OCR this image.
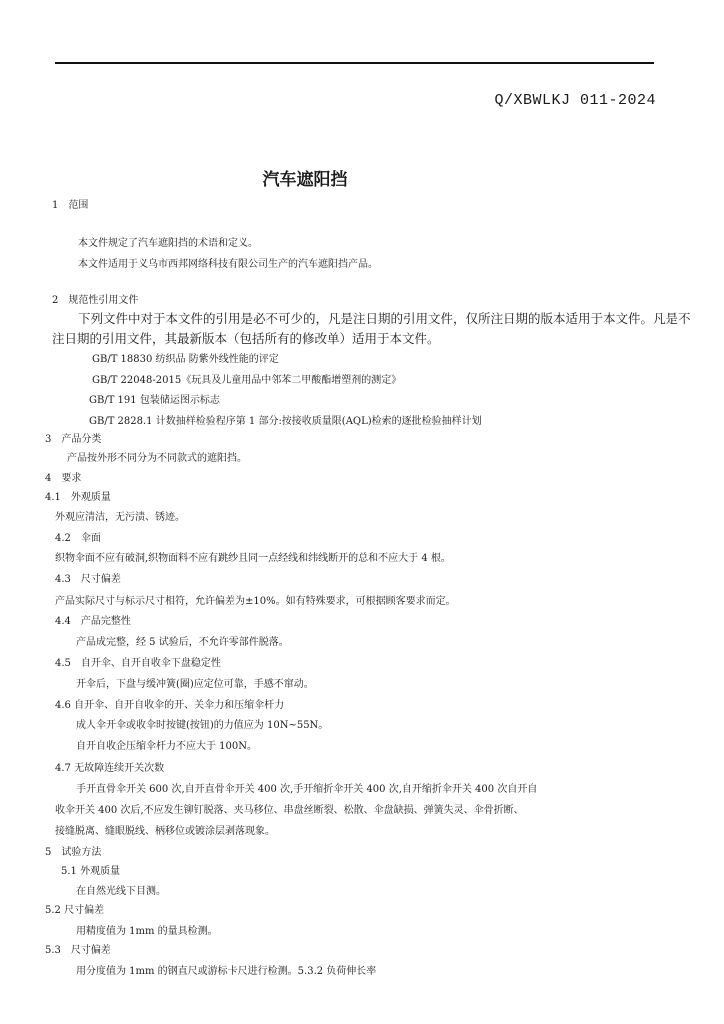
Q/XBWLKJ 011-2024
汽车遮阳挡
1　范围
本文件规定了汽车遮阳挡的术语和定义。
本文件适用于义乌市西邦网络科技有限公司生产的汽车遮阳挡产品。
2　规范性引用文件
下列文件中对于本文件的引用是必不可少的，凡是注日期的引用文件，仅所注日期的版本适用于本文件。凡是不
注日期的引用文件，其最新版本（包括所有的修改单）适用于本文件。
GB/T 18830 纺织品 防紫外线性能的评定
GB/T 22048-2015《玩具及儿童用品中邻苯二甲酸酯增塑剂的测定》
GB/T 191 包装储运图示标志
GB/T 2828.1 计数抽样检验程序第 1 部分:按接收质量限(AQL)检索的逐批检验抽样计划
3　产品分类
产品按外形不同分为不同款式的遮阳挡。
4　要求
4.1　外观质量
外观应清洁，无污渍、锈迹。
4.2　伞面
织物伞面不应有破洞,织物面料不应有跳纱且同一点经线和纬线断开的总和不应大于 4 根。
4.3　尺寸偏差
产品实际尺寸与标示尺寸相符，允许偏差为±10%。如有特殊要求，可根据顾客要求而定。
4.4　产品完整性
产品成完整，经 5 试验后，不允许零部件脱落。
4.5　自开伞、自开自收伞下盘稳定性
开伞后，下盘与缓冲簧(圈)应定位可靠，手感不窜动。
4.6 自开伞、自开自收伞的开、关伞力和压缩伞杆力
成人伞开伞或收伞时按键(按钮)的力值应为 10N~55N。
自开自收企压缩伞杆力不应大于 100N。
4.7 无故障连续开关次数
手开直骨伞开关 600 次,自开直骨伞开关 400 次,手开缩折伞开关 400 次,自开缩折伞开关 400 次自开自
收伞开关 400 次后,不应发生铆钉脱落、夹马移位、串盘丝断裂、松散、伞盘缺损、弹簧失灵、伞骨折断、
接缝脱离、缝眼脱线、柄移位或镀涂层剥落现象。
5　试验方法
5.1 外观质量
在自然光线下目测。
5.2 尺寸偏差
用精度值为 1mm 的量具检测。
5.3　尺寸偏差
用分度值为 1mm 的钢直尺或游标卡尺进行检测。5.3.2 负荷伸长率
